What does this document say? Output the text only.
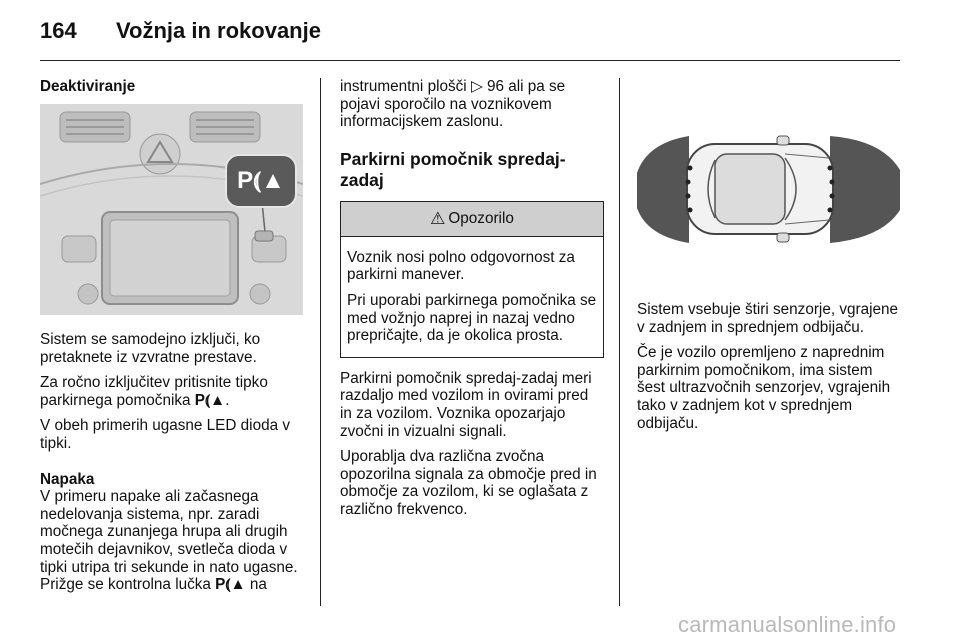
164 Vožnja in rokovanje
Deaktiviranje
P⦅▲

Sistem se samodejno izključi, ko pretaknete iz vzvratne prestave.

Za ročno izključitev pritisnite tipko parkirnega pomočnika P⦅▲.

V obeh primerih ugasne LED dioda v tipki.

Napaka

V primeru napake ali začasnega nedelovanja sistema, npr. zaradi močnega zunanjega hrupa ali drugih motečih dejavnikov, svetleča dioda v tipki utripa tri sekunde in nato ugasne. Prižge se kontrolna lučka P⦅▲ na

instrumentni plošči ▷ 96 ali pa se pojavi sporočilo na voznikovem informacijskem zaslonu.

Parkirni pomočnik spredaj-zadaj
⚠ Opozorilo

Voznik nosi polno odgovornost za parkirni manever.

Pri uporabi parkirnega pomočnika se med vožnjo naprej in nazaj vedno prepričajte, da je okolica prosta.

Parkirni pomočnik spredaj-zadaj meri razdaljo med vozilom in ovirami pred in za vozilom. Voznika opozarjajo zvočni in vizualni signali.

Uporablja dva različna zvočna opozorilna signala za območje pred in območje za vozilom, ki se oglašata z različno frekvenco.

Sistem vsebuje štiri senzorje, vgrajene v zadnjem in sprednjem odbijaču.

Če je vozilo opremljeno z naprednim parkirnim pomočnikom, ima sistem šest ultrazvočnih senzorjev, vgrajenih tako v zadnjem kot v sprednjem odbijaču.

carmanualsonline.info
